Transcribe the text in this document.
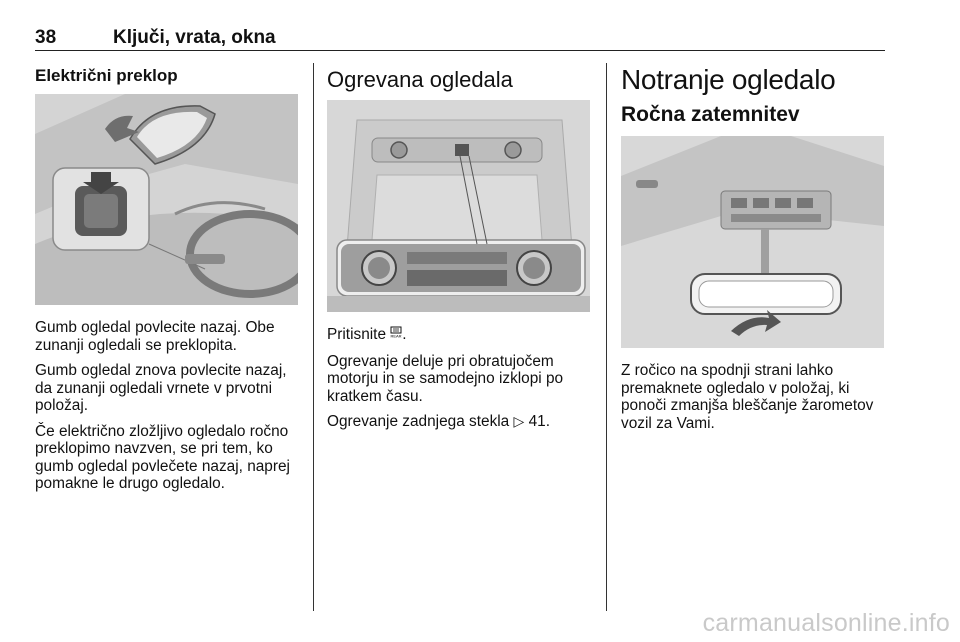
38	Ključi, vrata, okna
Električni preklop

Gumb ogledal povlecite nazaj. Obe zunanji ogledali se preklopita.

Gumb ogledal znova povlecite nazaj, da zunanji ogledali vrnete v prvotni položaj.

Če električno zložljivo ogledalo ročno preklopimo navzven, se pri tem, ko gumb ogledal povlečete nazaj, naprej pomakne le drugo ogledalo.

Ogrevana ogledala

Pritisnite REAR .

Ogrevanje deluje pri obratujočem motorju in se samodejno izklopi po kratkem času.

Ogrevanje zadnjega stekla ▷ 41.

Notranje ogledalo
Ročna zatemnitev

Z ročico na spodnji strani lahko premaknete ogledalo v položaj, ki ponoči zmanjša bleščanje žarometov vozil za Vami.

carmanualsonline.info
